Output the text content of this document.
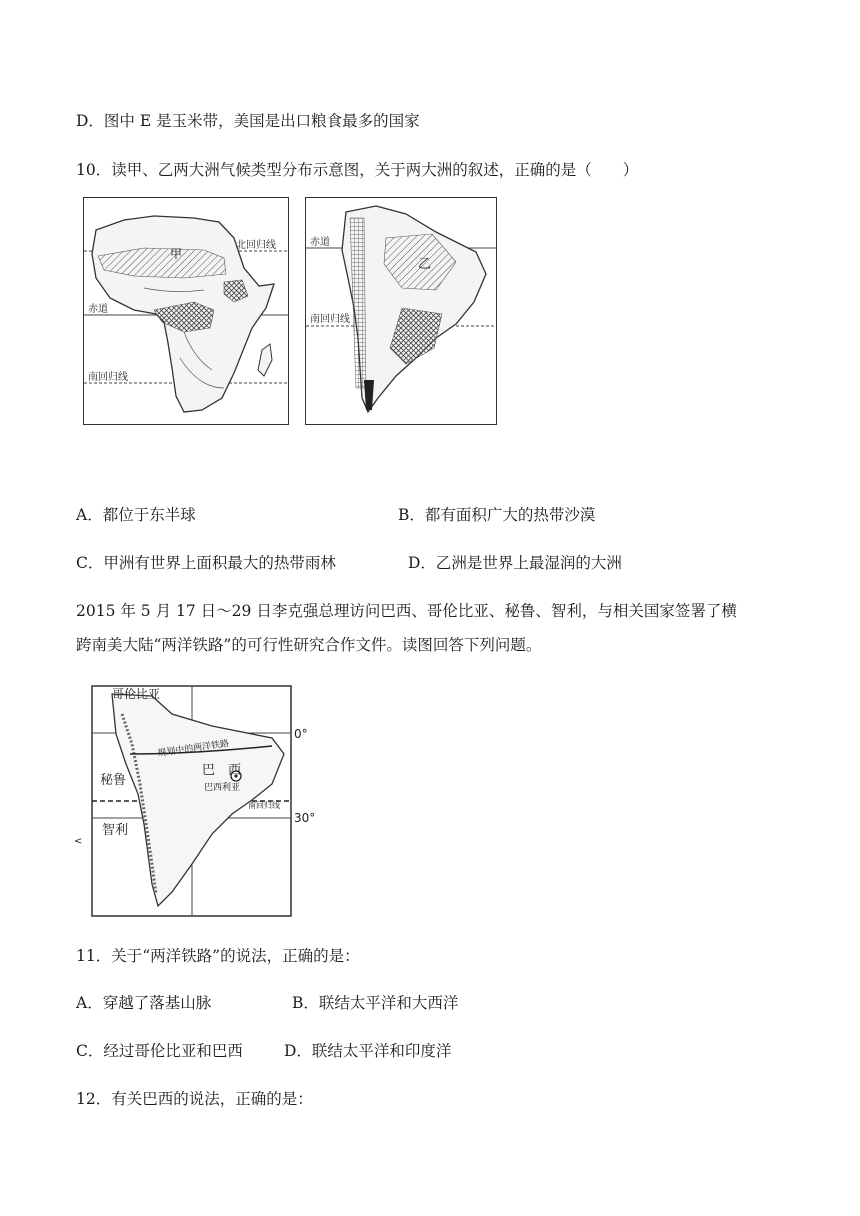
D．图中 E 是玉米带，美国是出口粮食最多的国家
10．读甲、乙两大洲气候类型分布示意图，关于两大洲的叙述，正确的是（　　）
甲
北回归线
赤道
南回归线
乙
赤道
南回归线
A．都位于东半球	B．都有面积广大的热带沙漠
C．甲洲有世界上面积最大的热带雨林	D．乙洲是世界上最湿润的大洲
2015 年 5 月 17 日～29 日李克强总理访问巴西、哥伦比亚、秘鲁、智利，与相关国家签署了横
跨南美大陆“两洋铁路”的可行性研究合作文件。读图回答下列问题。
哥伦比亚
规划中的两洋铁路
巴　西
巴西利亚
秘鲁
智利
南回归线
0°
30°
<
11．关于“两洋铁路”的说法，正确的是：
A．穿越了落基山脉	B．联结太平洋和大西洋
C．经过哥伦比亚和巴西	D．联结太平洋和印度洋
12．有关巴西的说法，正确的是：
